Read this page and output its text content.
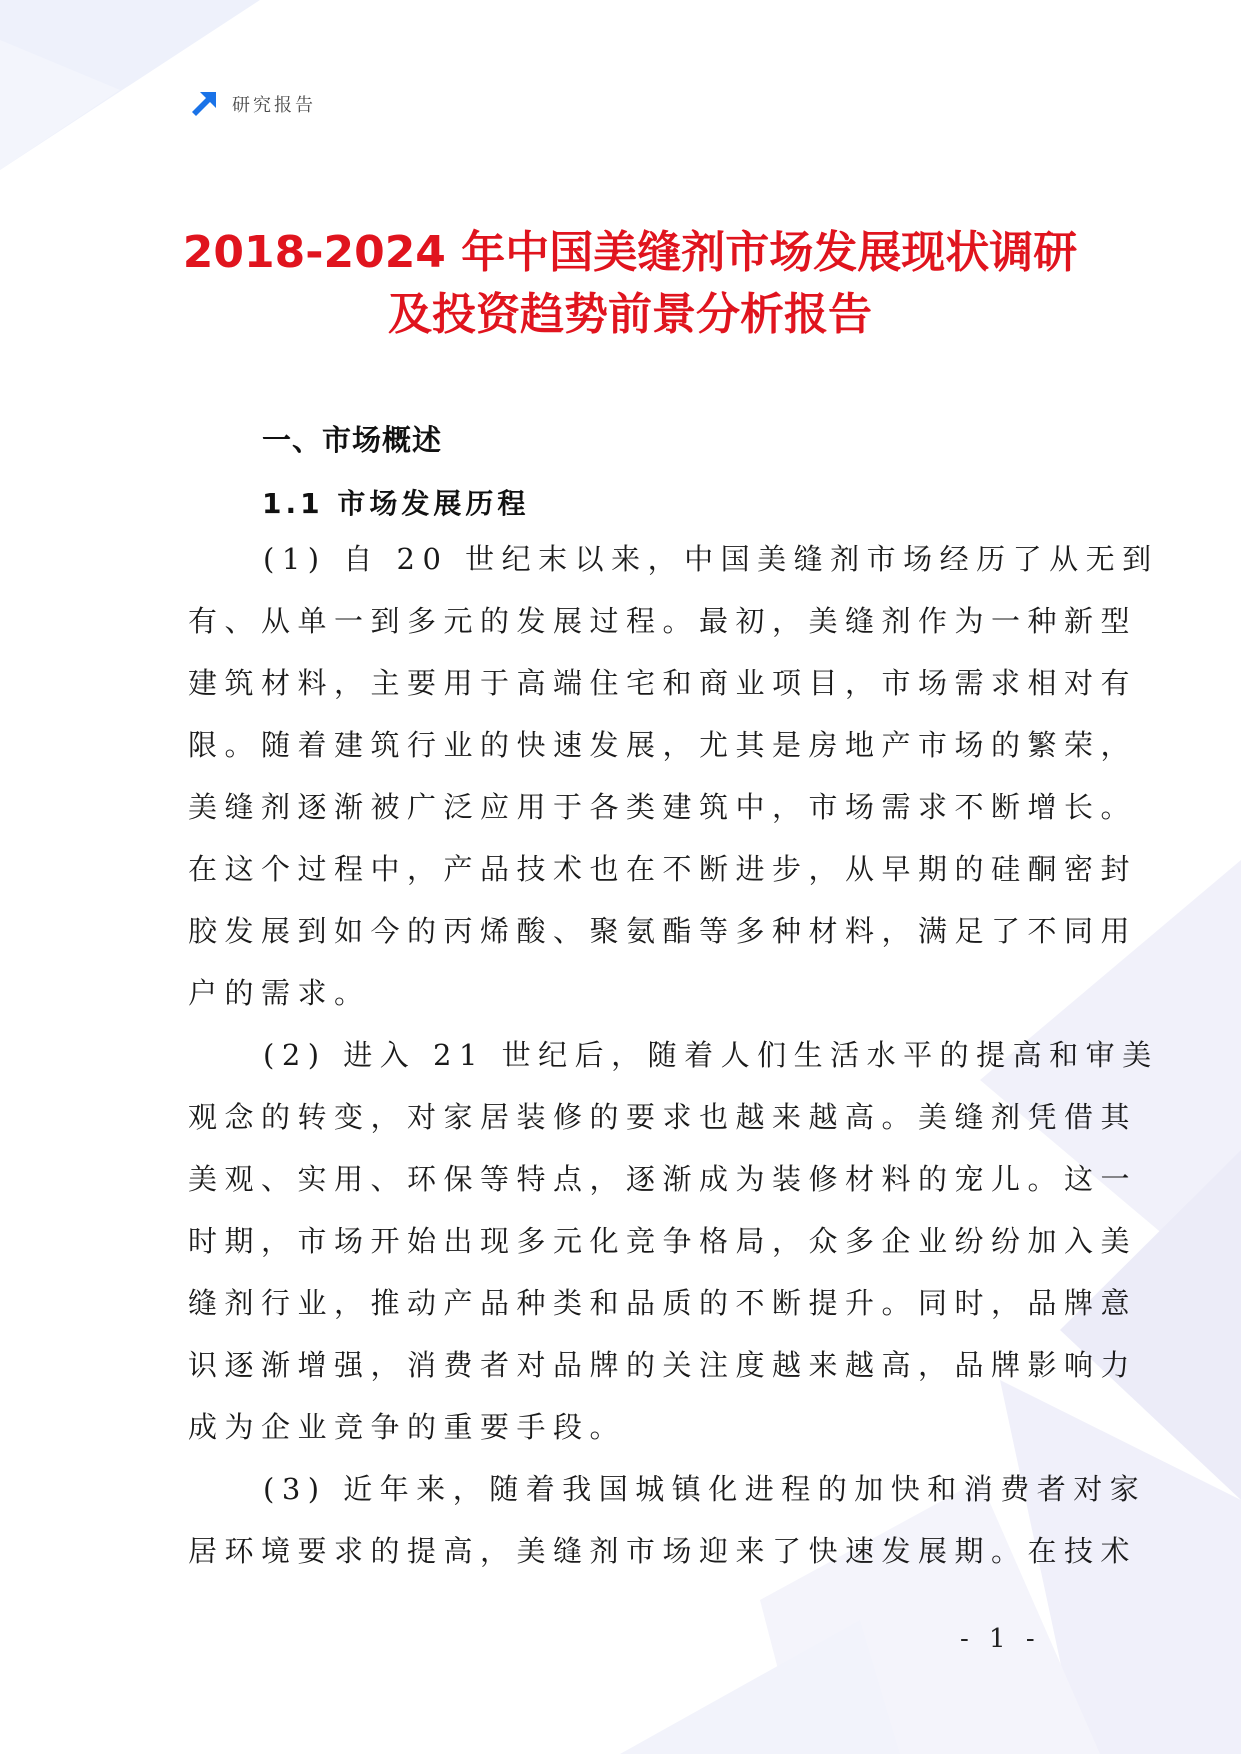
研究报告
2018-2024 年中国美缝剂市场发展现状调研
及投资趋势前景分析报告
一、市场概述
1.1 市场发展历程
(1) 自 20 世纪末以来，中国美缝剂市场经历了从无到
有、从单一到多元的发展过程。最初，美缝剂作为一种新型
建筑材料，主要用于高端住宅和商业项目，市场需求相对有
限。随着建筑行业的快速发展，尤其是房地产市场的繁荣，
美缝剂逐渐被广泛应用于各类建筑中，市场需求不断增长。
在这个过程中，产品技术也在不断进步，从早期的硅酮密封
胶发展到如今的丙烯酸、聚氨酯等多种材料，满足了不同用
户的需求。
(2) 进入 21 世纪后，随着人们生活水平的提高和审美
观念的转变，对家居装修的要求也越来越高。美缝剂凭借其
美观、实用、环保等特点，逐渐成为装修材料的宠儿。这一
时期，市场开始出现多元化竞争格局，众多企业纷纷加入美
缝剂行业，推动产品种类和品质的不断提升。同时，品牌意
识逐渐增强，消费者对品牌的关注度越来越高，品牌影响力
成为企业竞争的重要手段。
(3) 近年来，随着我国城镇化进程的加快和消费者对家
居环境要求的提高，美缝剂市场迎来了快速发展期。在技术
- 1 -
